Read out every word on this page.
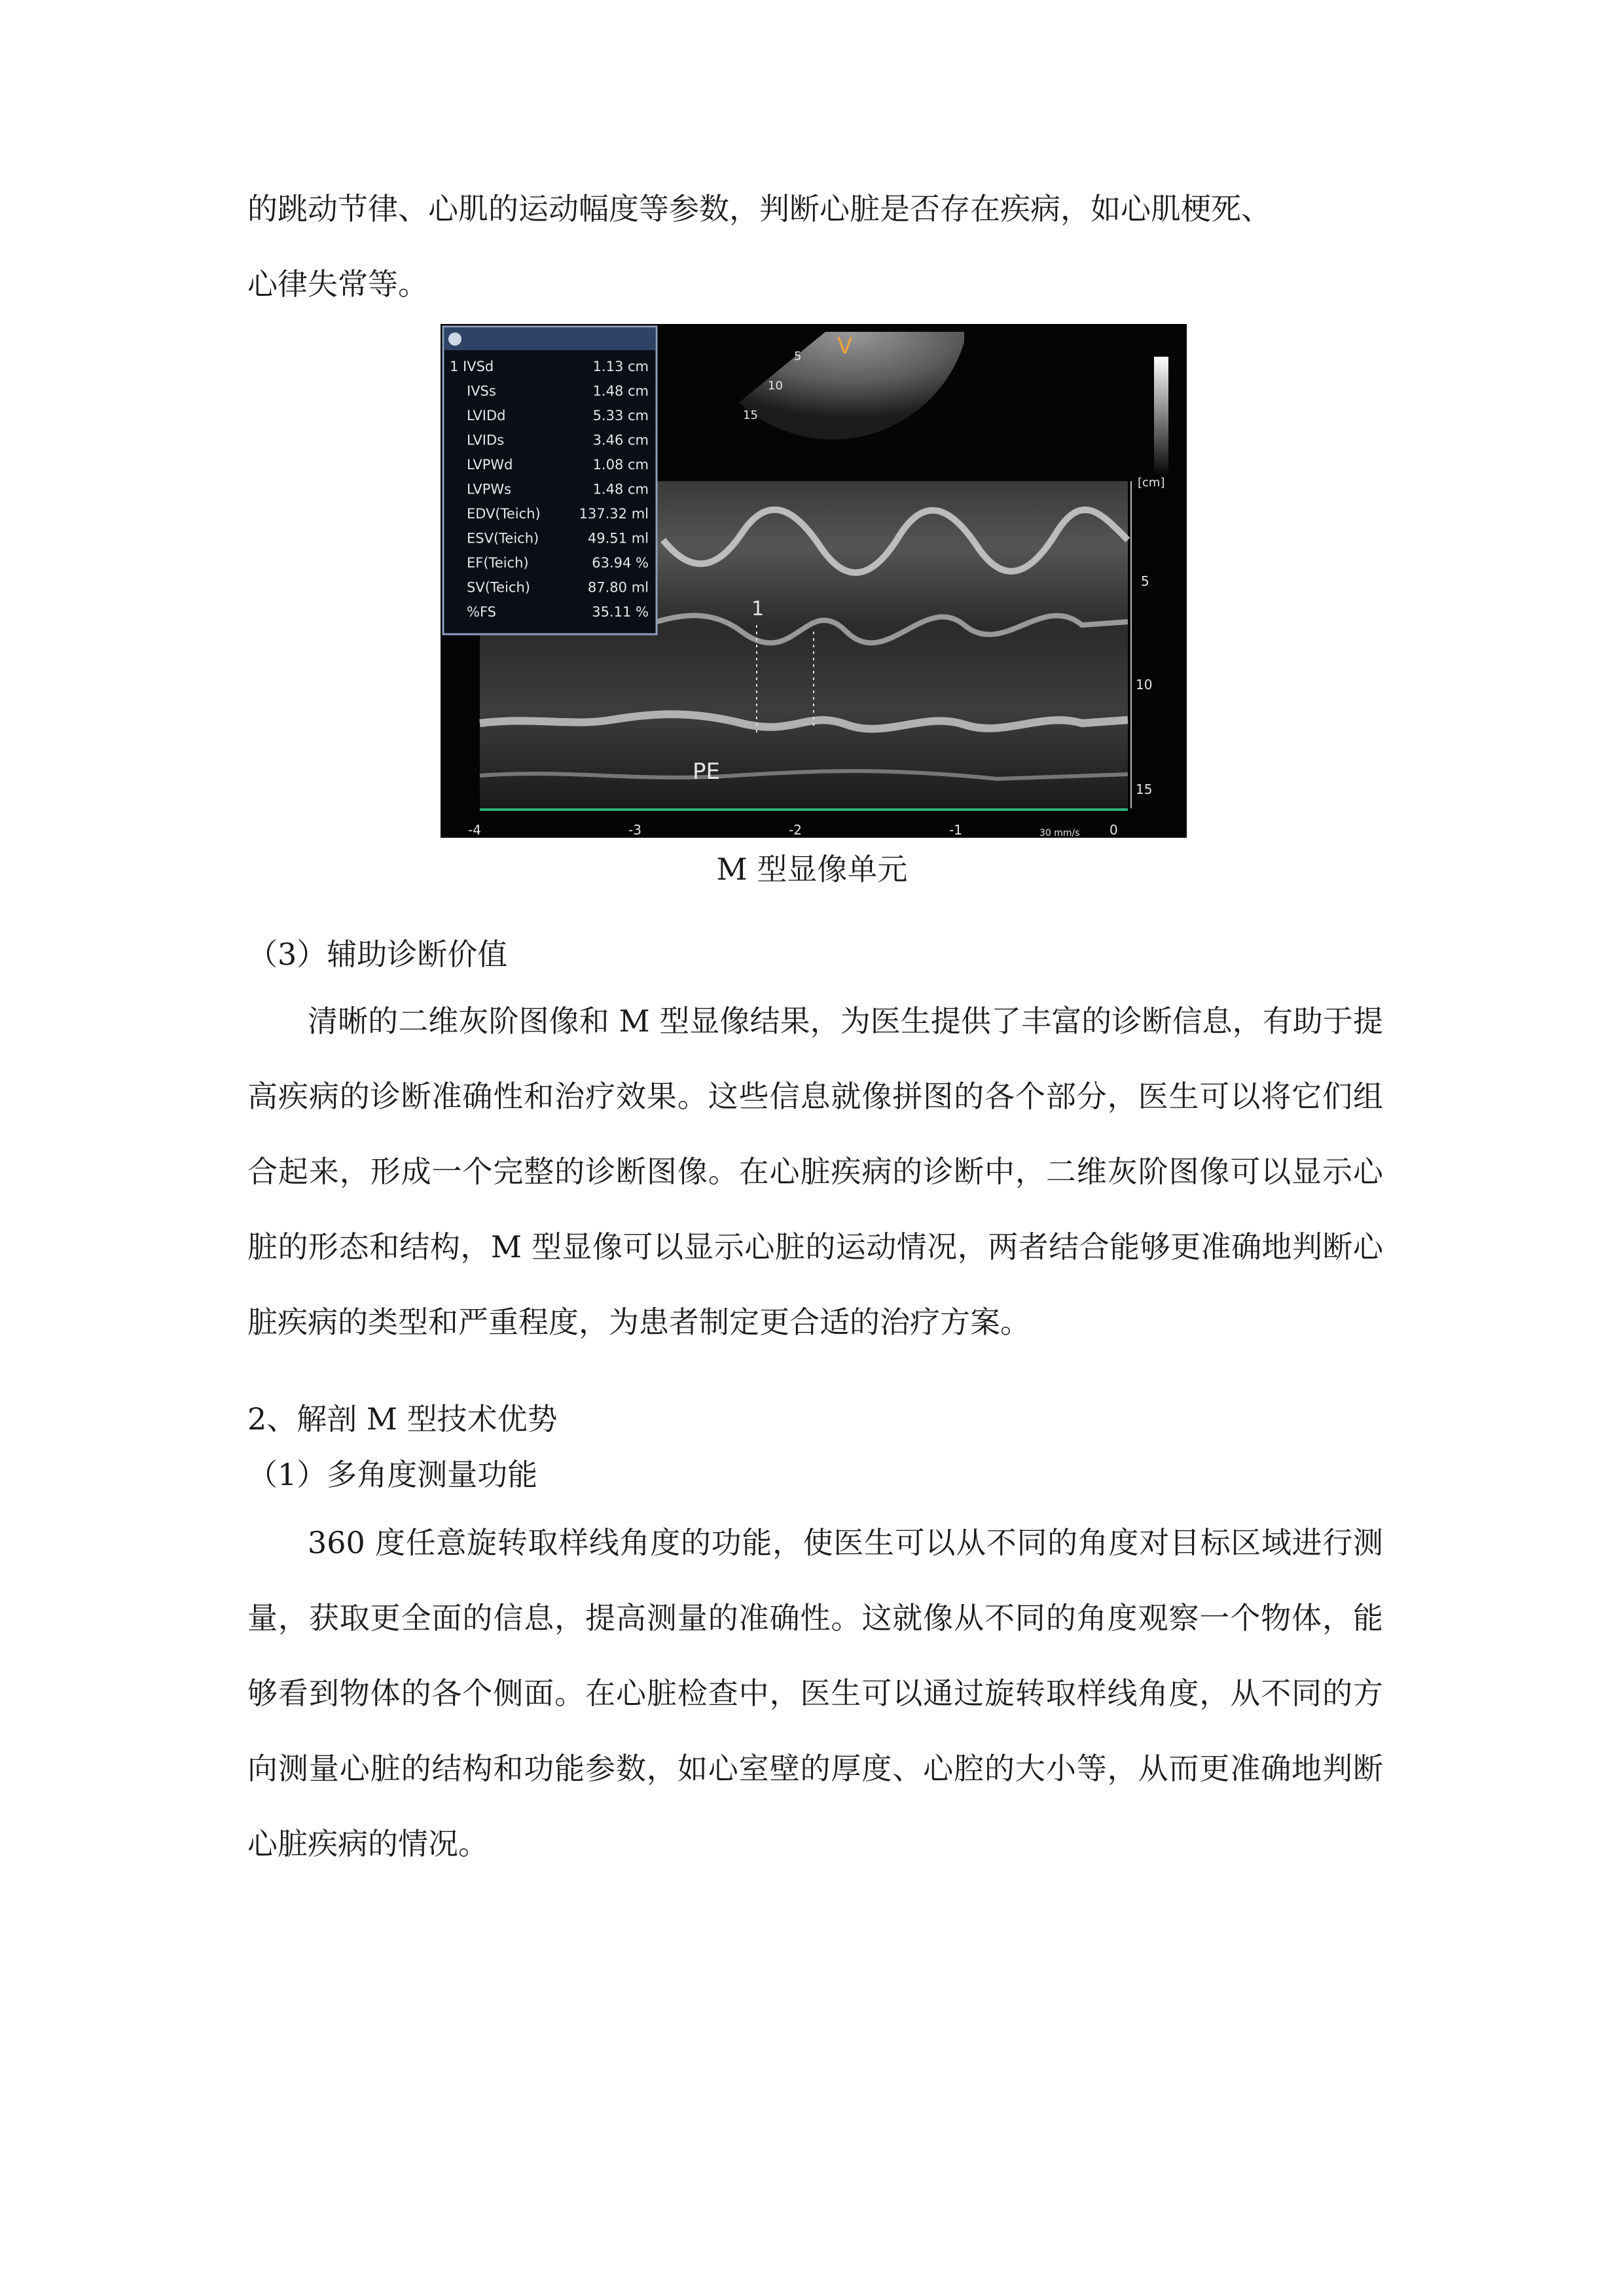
的跳动节律、心肌的运动幅度等参数，判断心脏是否存在疾病，如心肌梗死、

心律失常等。

V
5
10
15
[cm]
5
10
15
-4	-3	-2	-1	0
30 mm/s
1
PE
1 IVSd	1.13 cm
IVSs	1.48 cm
LVIDd	5.33 cm
LVIDs	3.46 cm
LVPWd	1.08 cm
LVPWs	1.48 cm
EDV(Teich)	137.32 ml
ESV(Teich)	49.51 ml
EF(Teich)	63.94 %
SV(Teich)	87.80 ml
%FS	35.11 %
M 型显像单元

（3）辅助诊断价值

清晰的二维灰阶图像和 M 型显像结果，为医生提供了丰富的诊断信息，有助于提高疾病的诊断准确性和治疗效果。这些信息就像拼图的各个部分，医生可以将它们组合起来，形成一个完整的诊断图像。在心脏疾病的诊断中，二维灰阶图像可以显示心脏的形态和结构，M 型显像可以显示心脏的运动情况，两者结合能够更准确地判断心脏疾病的类型和严重程度，为患者制定更合适的治疗方案。

2、解剖 M 型技术优势

（1）多角度测量功能

360 度任意旋转取样线角度的功能，使医生可以从不同的角度对目标区域进行测量，获取更全面的信息，提高测量的准确性。这就像从不同的角度观察一个物体，能够看到物体的各个侧面。在心脏检查中，医生可以通过旋转取样线角度，从不同的方向测量心脏的结构和功能参数，如心室壁的厚度、心腔的大小等，从而更准确地判断心脏疾病的情况。
